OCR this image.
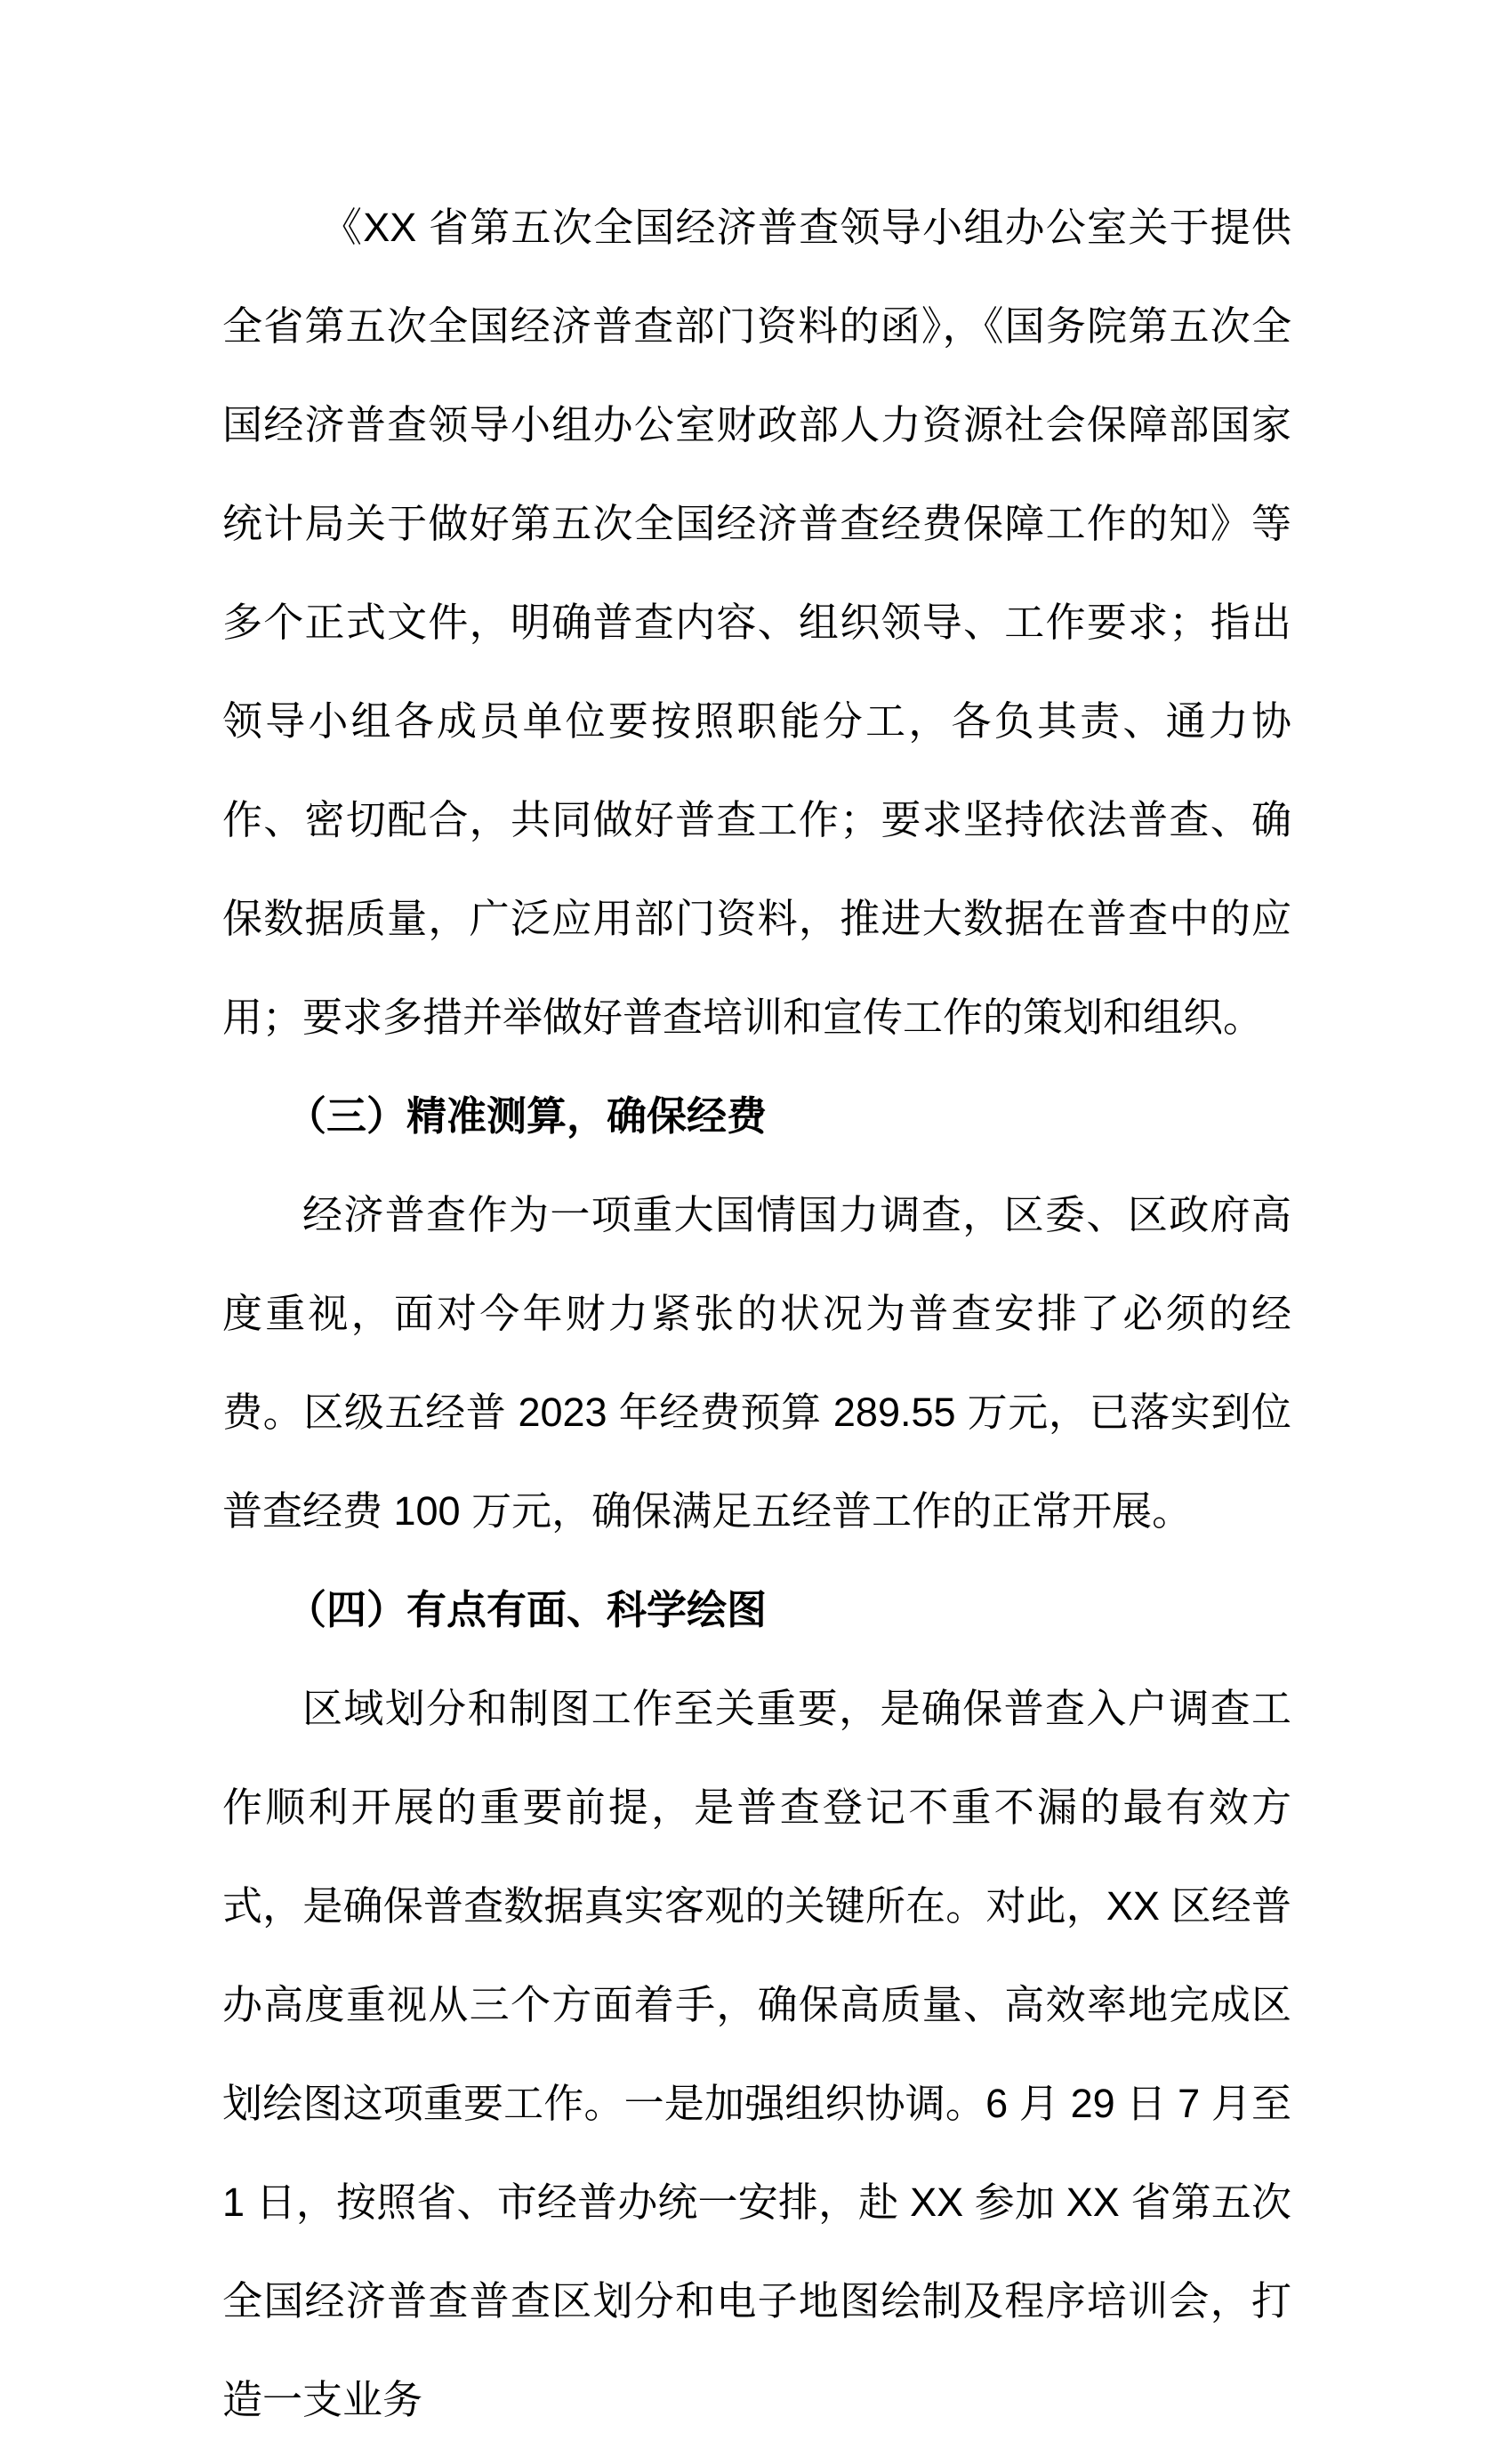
《XX 省第五次全国经济普查领导小组办公室关于提供全省第五次全国经济普查部门资料的函》，《国务院第五次全国经济普查领导小组办公室财政部人力资源社会保障部国家统计局关于做好第五次全国经济普查经费保障工作的知》等多个正式文件，明确普查内容、组织领导、工作要求；指出领导小组各成员单位要按照职能分工，各负其责、通力协作、密切配合，共同做好普查工作；要求坚持依法普查、确保数据质量，广泛应用部门资料，推进大数据在普查中的应用；要求多措并举做好普查培训和宣传工作的策划和组织。

（三）精准测算，确保经费

经济普查作为一项重大国情国力调查，区委、区政府高度重视，面对今年财力紧张的状况为普查安排了必须的经费。区级五经普 2023 年经费预算 289.55 万元，已落实到位普查经费 100 万元，确保满足五经普工作的正常开展。

（四）有点有面、科学绘图

区域划分和制图工作至关重要，是确保普查入户调查工作顺利开展的重要前提，是普查登记不重不漏的最有效方式，是确保普查数据真实客观的关键所在。对此，XX 区经普办高度重视从三个方面着手，确保高质量、高效率地完成区划绘图这项重要工作。一是加强组织协调。6 月 29 日 7 月至 1 日，按照省、市经普办统一安排，赴 XX 参加 XX 省第五次全国经济普查普查区划分和电子地图绘制及程序培训会，打造一支业务
